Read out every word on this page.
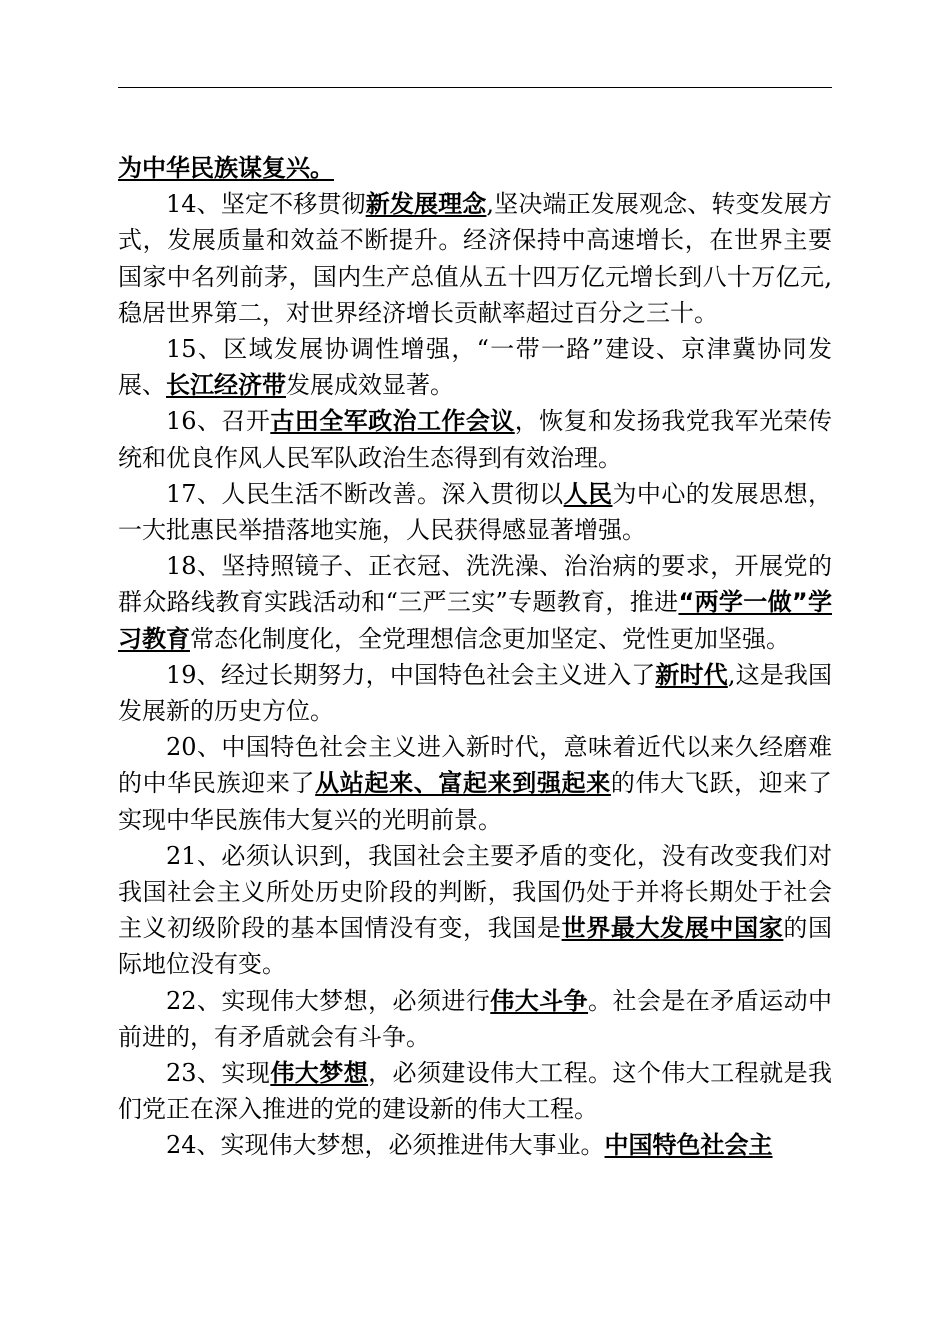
为中华民族谋复兴。

14、坚定不移贯彻新发展理念,坚决端正发展观念、转变发展方式，发展质量和效益不断提升。经济保持中高速增长，在世界主要国家中名列前茅，国内生产总值从五十四万亿元增长到八十万亿元,稳居世界第二，对世界经济增长贡献率超过百分之三十。

15、区域发展协调性增强，“一带一路”建设、京津冀协同发展、长江经济带发展成效显著。

16、召开古田全军政治工作会议，恢复和发扬我党我军光荣传统和优良作风人民军队政治生态得到有效治理。

17、人民生活不断改善。深入贯彻以人民为中心的发展思想，一大批惠民举措落地实施，人民获得感显著增强。

18、坚持照镜子、正衣冠、洗洗澡、治治病的要求，开展党的群众路线教育实践活动和“三严三实”专题教育，推进“两学一做”学习教育常态化制度化，全党理想信念更加坚定、党性更加坚强。

19、经过长期努力，中国特色社会主义进入了新时代,这是我国发展新的历史方位。

20、中国特色社会主义进入新时代，意味着近代以来久经磨难的中华民族迎来了从站起来、富起来到强起来的伟大飞跃，迎来了实现中华民族伟大复兴的光明前景。

21、必须认识到，我国社会主要矛盾的变化，没有改变我们对我国社会主义所处历史阶段的判断，我国仍处于并将长期处于社会主义初级阶段的基本国情没有变，我国是世界最大发展中国家的国际地位没有变。

22、实现伟大梦想，必须进行伟大斗争。社会是在矛盾运动中前进的，有矛盾就会有斗争。

23、实现伟大梦想，必须建设伟大工程。这个伟大工程就是我们党正在深入推进的党的建设新的伟大工程。

24、实现伟大梦想，必须推进伟大事业。中国特色社会主
